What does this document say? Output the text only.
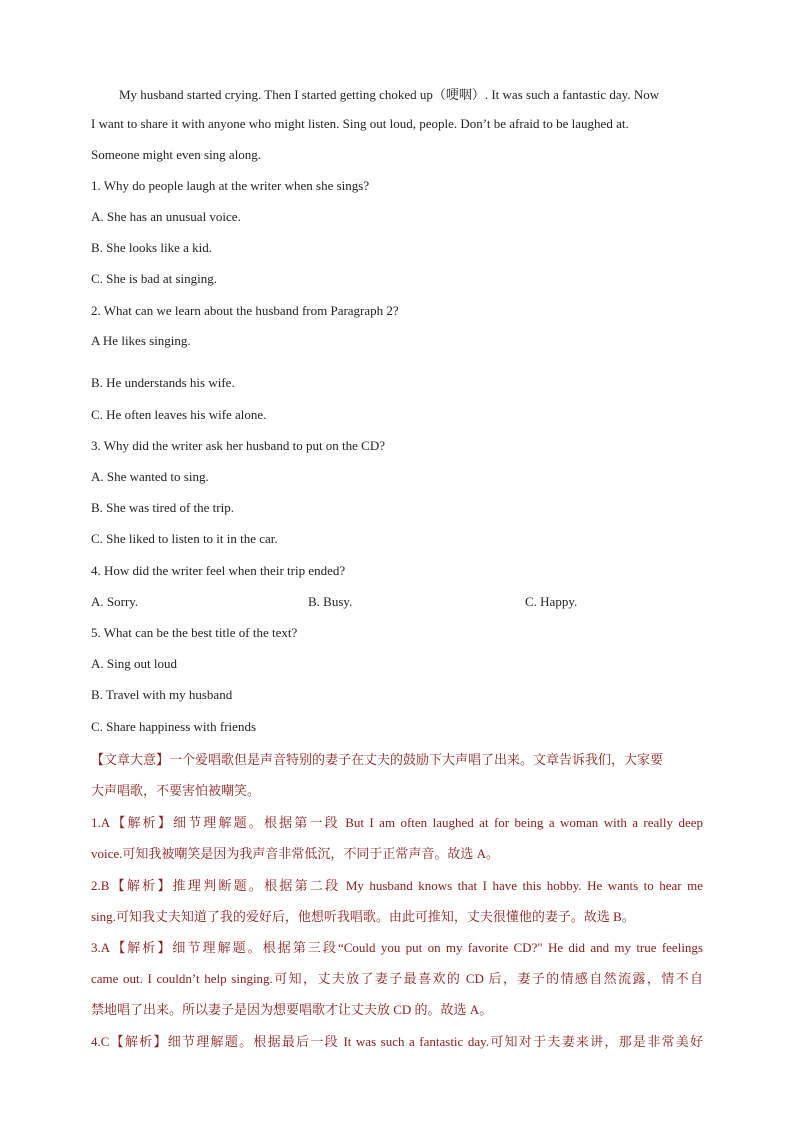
My husband started crying. Then I started getting choked up（哽咽）. It was such a fantastic day. Now
I want to share it with anyone who might listen. Sing out loud, people. Don’t be afraid to be laughed at.
Someone might even sing along.
1. Why do people laugh at the writer when she sings?
A. She has an unusual voice.
B. She looks like a kid.
C. She is bad at singing.
2. What can we learn about the husband from Paragraph 2?
A He likes singing.
B. He understands his wife.
C. He often leaves his wife alone.
3. Why did the writer ask her husband to put on the CD?
A. She wanted to sing.
B. She was tired of the trip.
C. She liked to listen to it in the car.
4. How did the writer feel when their trip ended?
A. Sorry.	B. Busy.	C. Happy.
5. What can be the best title of the text?
A. Sing out loud
B. Travel with my husband
C. Share happiness with friends
【文章大意】一个爱唱歌但是声音特别的妻子在丈夫的鼓励下大声唱了出来。文章告诉我们，大家要
大声唱歌，不要害怕被嘲笑。
1.A【解析】细节理解题。根据第一段 But I am often laughed at for being a woman with a really deep
voice.可知我被嘲笑是因为我声音非常低沉，不同于正常声音。故选 A。
2.B【解析】推理判断题。根据第二段 My husband knows that I have this hobby. He wants to hear me
sing.可知我丈夫知道了我的爱好后，他想听我唱歌。由此可推知，丈夫很懂他的妻子。故选 B。
3.A【解析】细节理解题。根据第三段“Could you put on my favorite CD?" He did and my true feelings
came out. I couldn’t help singing.可知，丈夫放了妻子最喜欢的 CD 后，妻子的情感自然流露，情不自
禁地唱了出来。所以妻子是因为想要唱歌才让丈夫放 CD 的。故选 A。
4.C【解析】细节理解题。根据最后一段 It was such a fantastic day.可知对于夫妻来讲，那是非常美好
